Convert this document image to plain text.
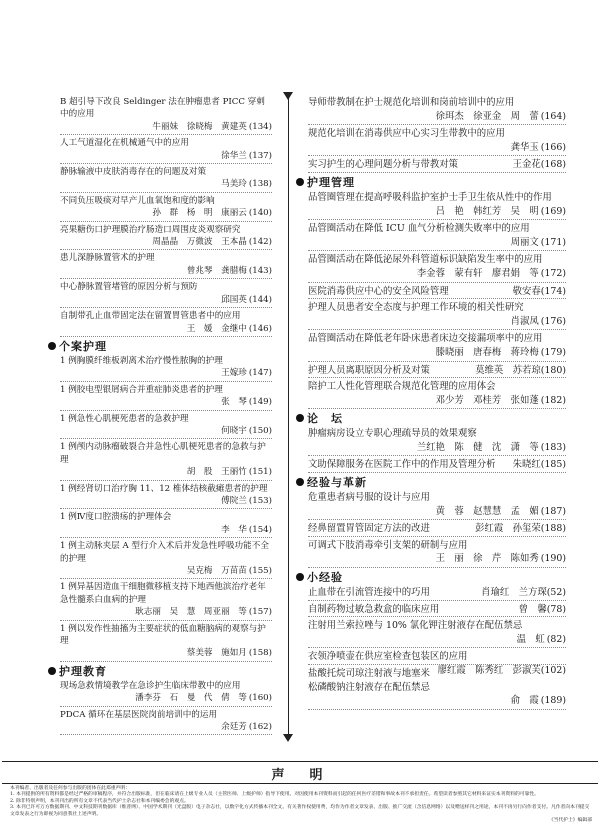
B 超引导下改良 Seldinger 法在肿瘤患者 PICC 穿刺中的应用
牛丽妹　徐晓梅　黄建英 (134)
人工气道湿化在机械通气中的应用
徐华兰 (137)
静脉输液中皮肤消毒存在的问题及对策
马美玲 (138)
不同负压吸痰对早产儿血氧饱和度的影响
孙　群　杨　明　康丽云 (140)
亮果糖伤口护理膜治疗肠造口周围皮炎观察研究
周晶晶　万微波　王本晶 (142)
患儿深静脉置管术的护理
曾兆琴　龚腊梅 (143)
中心静脉置管堵管的原因分析与预防
邱国英 (144)
自制带孔止血带固定法在留置胃管患者中的应用
王　媛　金继中 (146)
个案护理
1 例胸膜纤维板剥离术治疗慢性脓胸的护理
王嫁珍 (147)
1 例胶电型银屑病合并重症肺炎患者的护理
张　琴 (149)
1 例急性心肌梗死患者的急救护理
何晓宇 (150)
1 例颅内动脉瘤破裂合并急性心肌梗死患者的急救与护理
胡　股　王丽竹 (151)
1 例经肾切口治疗胸 11、12 椎体结核截瘫患者的护理
傅院兰 (153)
1 例Ⅳ度口腔溃疡的护理体会
李　华 (154)
1 例主动脉夹层 A 型行介入术后并发急性呼吸功能不全的护理
吴克梅　万苗苗 (155)
1 例异基因造血干细胞微移植支持下地西他滨治疗老年急性髓系白血病的护理
耿志丽　吴　慧　周亚丽　等 (157)
1 例以发作性抽搐为主要症状的低血糖脑病的观察与护理
蔡美蓉　施如月 (158)
护理教育
现场急救情境教学在急诊护生临床带教中的应用
潘李芬　石　曼　代　倩　等 (160)
PDCA 循环在基层医院岗前培训中的运用
余廷芳 (162)
导师带教制在护士规范化培训和岗前培训中的应用
徐珥杰　徐亚金　周　蕾 (164)
规范化培训在消毒供应中心实习生带教中的应用
龚华玉 (166)
实习护生的心理问题分析与带教对策	王金花(168)
护理管理
品管圈管理在提高呼吸科监护室护士手卫生依从性中的作用
吕　艳　韩红芳　吴　明 (169)
品管圈活动在降低 ICU 血气分析检测失败率中的应用
周丽文 (171)
品管圈活动在降低泌尿外科管道标识缺陷发生率中的应用
李金蓉　蒙有轩　廖君娟　等 (172)
医院消毒供应中心的安全风险管理	敬安春(174)
护理人员患者安全态度与护理工作环境的相关性研究
肖淑凤 (176)
品管圈活动在降低老年卧床患者床边交接漏项率中的应用
滕晓丽　唐春梅　蒋玲梅 (179)
护理人员离职原因分析及对策	莫维英　苏若琼(180)
陪护工人性化管理联合规范化管理的应用体会
邓少芳　邓桂芳　张如蓬 (182)
论　坛
肿瘤病房设立专职心理疏导员的效果观察
兰红艳　陈　健　沈　潇　等 (183)
文助保障服务在医院工作中的作用及管理分析 朱晓红(185)
经验与革新
危重患者病号服的设计与应用
黄　蓉　赵慧慧　孟　媚 (187)
经鼻留置胃管固定方法的改进	彭红霞　孙玺荣(188)
可调式下肢消毒牵引支架的研制与应用
王　丽　徐　芹　陈如秀 (190)
小经验
止血带在引流管连接中的巧用	肖瑜红　兰方琛(52)
自制药物过敏急救盒的临床应用	曾　馨(78)
注射用兰索拉唑与 10% 氯化钾注射液存在配伍禁忌
温　虹 (82)
衣领净喷壶在供应室检查包装区的应用
廖红霞　陈秀红　彭淑芙(102)
盐酸托烷司琼注射液与地塞米松磷酸钠注射液存在配伍禁忌
俞　霞 (189)
声　明

本刊编者、出版者及任何参与出版的团体在此郑重声明：

1. 本刊提供的所有资料都是经过严格的审稿程序，并符合出版标准，但在临床请在上级专业人员（主管医师、上级护师）指导下使用。对因使用本刊资料而引起的任何医疗差错和事故本刊不承担责任。希望读者参照其它材料来证实本刊资料的可靠性。

2. 除非特别声明，本刊刊出的所有文章不代表当代护士杂志社和本刊编委会的观点。

3. 本刊已许可万方数据期刊、中文科技期刊数据库（维普网）、中国学术期刊（光盘版）电子杂志社，以数字化方式传播本刊全文。有关著作权使用费，均作为作者文章发表、出版、推广交流（含信息网络）以及赠送样刊之用途，本刊不再另行向作者支付。凡作者向本刊提交文章发表之行为即视为同意我社上述声明。

《当代护士》编辑部
